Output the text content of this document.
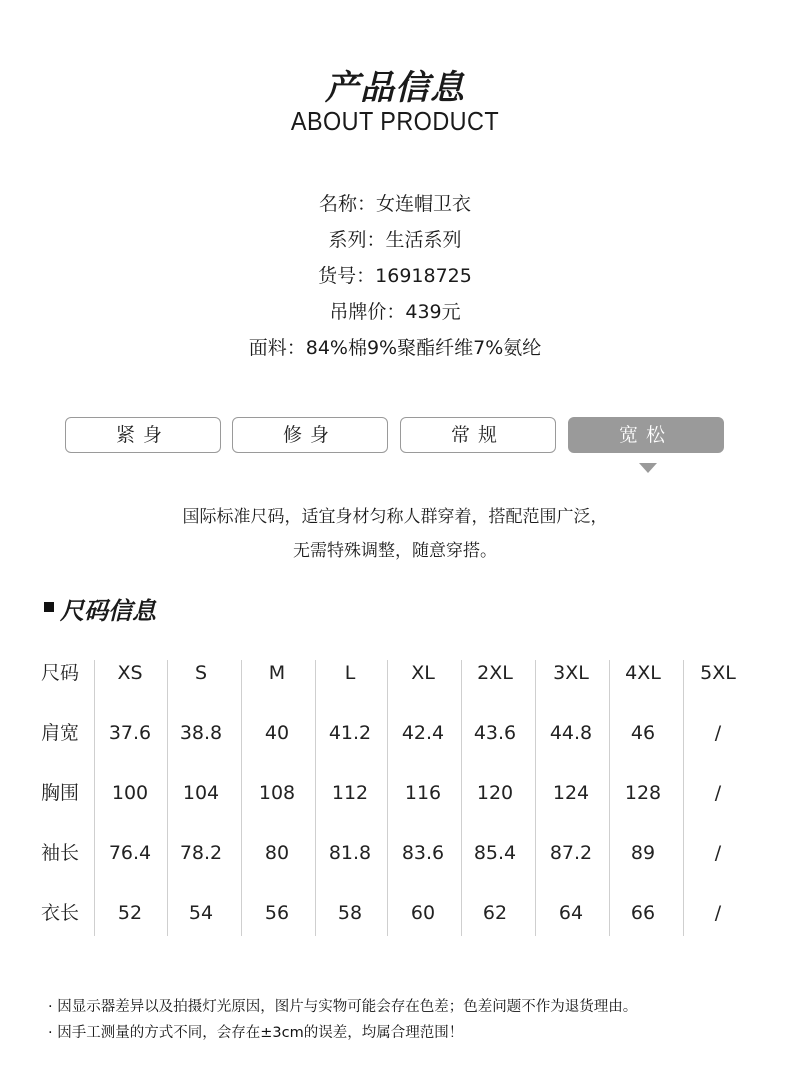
产品信息
ABOUT PRODUCT
名称：女连帽卫衣
系列：生活系列
货号：16918725
吊牌价：439元
面料：84%棉9%聚酯纤维7%氨纶
紧身	修身	常规	宽松
国际标准尺码，适宜身材匀称人群穿着，搭配范围广泛，
无需特殊调整，随意穿搭。
尺码信息
尺码	XS	S	M	L	XL	2XL	3XL	4XL	5XL
肩宽	37.6	38.8	40	41.2	42.4	43.6	44.8	46	/
胸围	100	104	108	112	116	120	124	128	/
袖长	76.4	78.2	80	81.8	83.6	85.4	87.2	89	/
衣长	52	54	56	58	60	62	64	66	/
· 因显示器差异以及拍摄灯光原因，图片与实物可能会存在色差；色差问题不作为退货理由。
· 因手工测量的方式不同，会存在±3cm的误差，均属合理范围！
